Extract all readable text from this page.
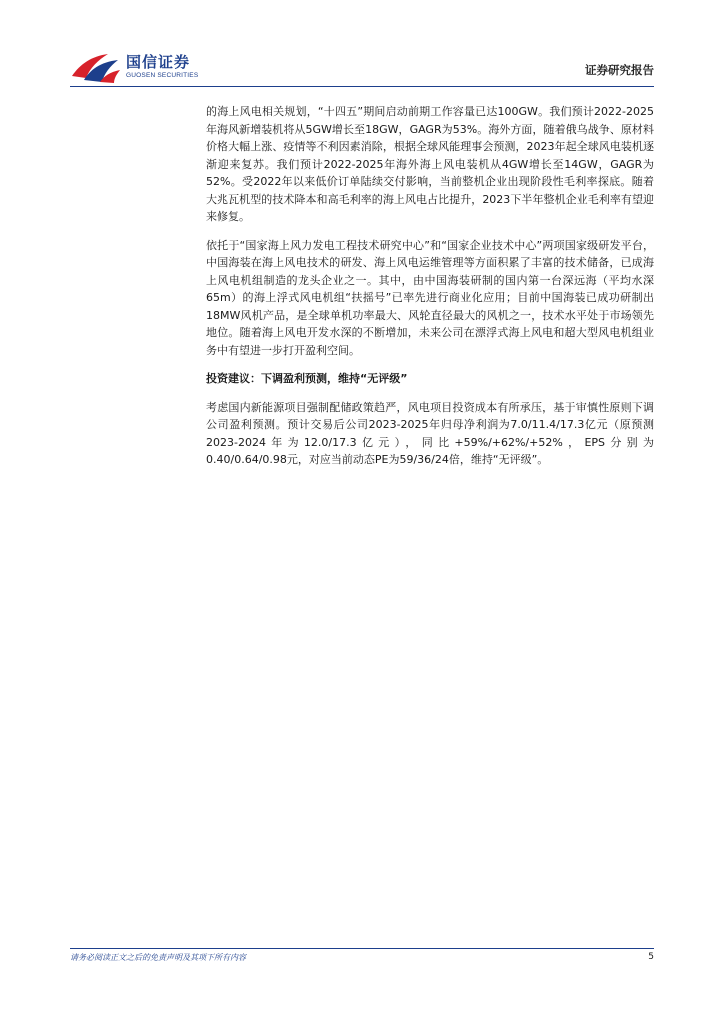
国信证券
GUOSEN SECURITIES	证券研究报告

的海上风电相关规划，“十四五”期间启动前期工作容量已达100GW。我们预计2022-2025年海风新增装机将从5GW增长至18GW，GAGR为53%。海外方面，随着俄乌战争、原材料价格大幅上涨、疫情等不利因素消除，根据全球风能理事会预测，2023年起全球风电装机逐渐迎来复苏。我们预计2022-2025年海外海上风电装机从4GW增长至14GW，GAGR为52%。受2022年以来低价订单陆续交付影响，当前整机企业出现阶段性毛利率探底。随着大兆瓦机型的技术降本和高毛利率的海上风电占比提升，2023下半年整机企业毛利率有望迎来修复。

依托于“国家海上风力发电工程技术研究中心”和“国家企业技术中心”两项国家级研发平台，中国海装在海上风电技术的研发、海上风电运维管理等方面积累了丰富的技术储备，已成海上风电机组制造的龙头企业之一。其中，由中国海装研制的国内第一台深远海（平均水深65m）的海上浮式风电机组“扶摇号”已率先进行商业化应用；目前中国海装已成功研制出18MW风机产品，是全球单机功率最大、风轮直径最大的风机之一，技术水平处于市场领先地位。随着海上风电开发水深的不断增加，未来公司在漂浮式海上风电和超大型风电机组业务中有望进一步打开盈利空间。

投资建议：下调盈利预测，维持“无评级”

考虑国内新能源项目强制配储政策趋严，风电项目投资成本有所承压，基于审慎性原则下调公司盈利预测。预计交易后公司2023-2025年归母净利润为7.0/11.4/17.3亿元（原预测2023-2024年为12.0/17.3亿元），同比+59%/+62%/+52%，EPS分别为0.40/0.64/0.98元，对应当前动态PE为59/36/24倍，维持“无评级”。

请务必阅读正文之后的免责声明及其项下所有内容	5
